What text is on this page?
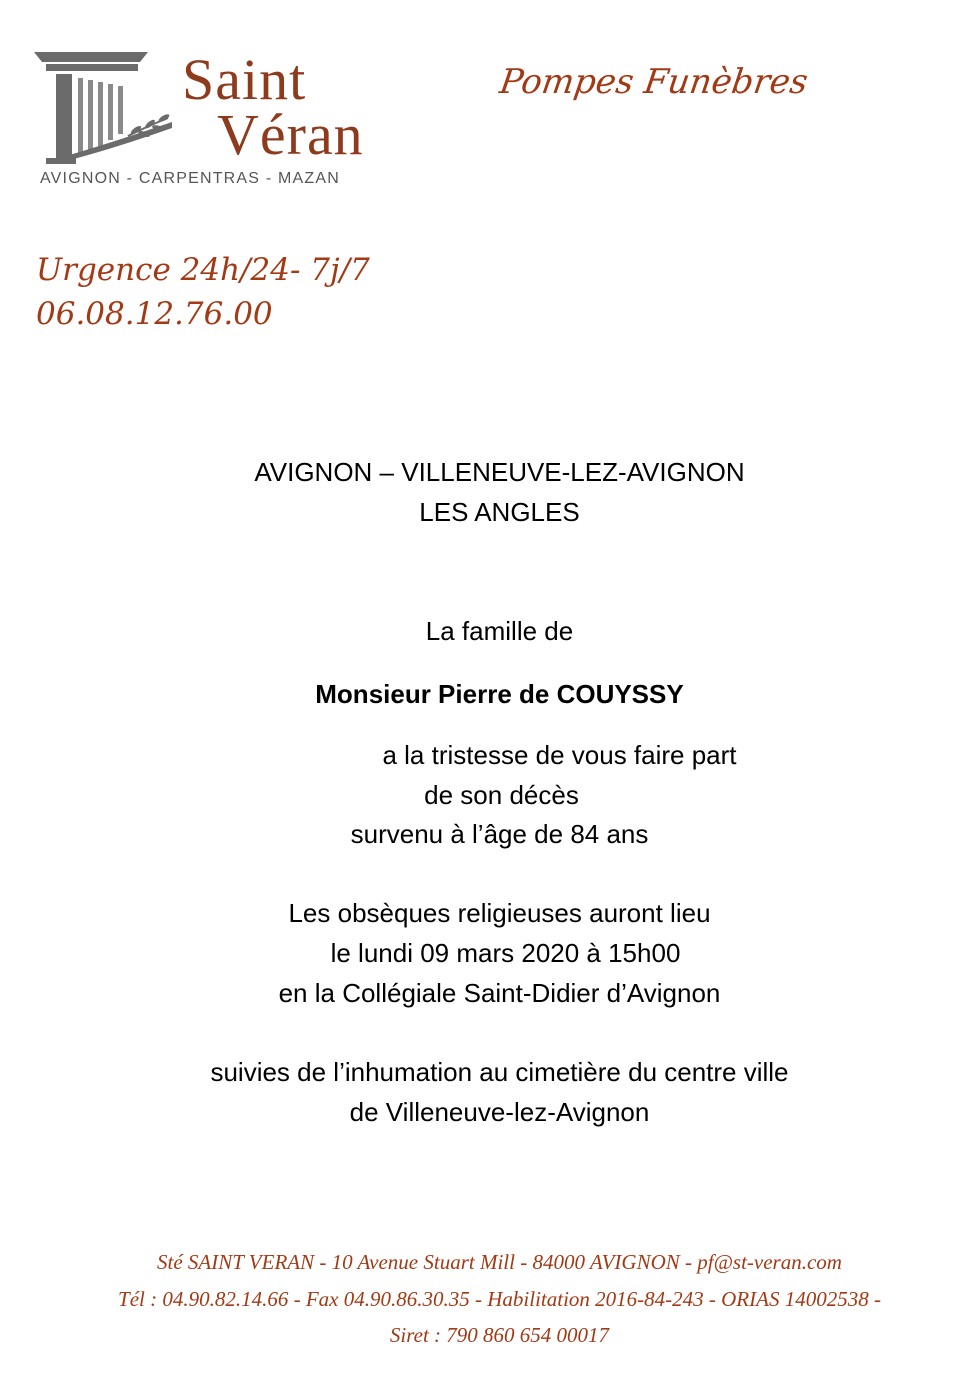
Saint
Véran
AVIGNON - CARPENTRAS - MAZAN
Pompes Funèbres
Urgence 24h/24- 7j/7
06.08.12.76.00
AVIGNON – VILLENEUVE-LEZ-AVIGNON
LES ANGLES
La famille de
Monsieur Pierre de COUYSSY
a la tristesse de vous faire part
de son décès
survenu à l’âge de 84 ans
Les obsèques religieuses auront lieu
le lundi 09 mars 2020 à 15h00
en la Collégiale Saint-Didier d’Avignon
suivies de l’inhumation au cimetière du centre ville
de Villeneuve-lez-Avignon
Sté SAINT VERAN - 10 Avenue Stuart Mill - 84000 AVIGNON - pf@st-veran.com
Tél : 04.90.82.14.66 - Fax 04.90.86.30.35 - Habilitation 2016-84-243 - ORIAS 14002538 -
Siret : 790 860 654 00017
